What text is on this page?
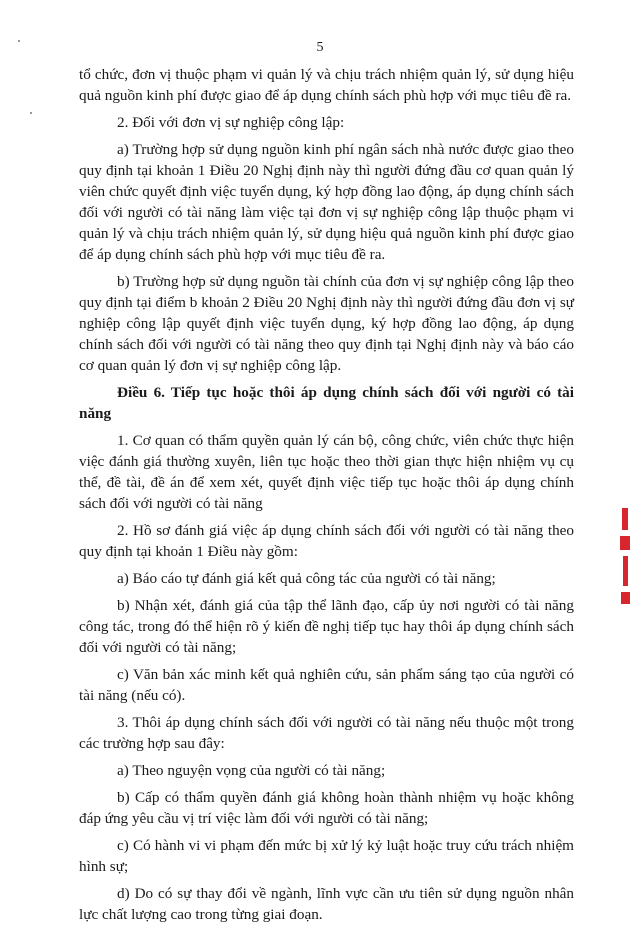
5

tổ chức, đơn vị thuộc phạm vi quản lý và chịu trách nhiệm quản lý, sử dụng hiệu quả nguồn kinh phí được giao để áp dụng chính sách phù hợp với mục tiêu đề ra.

2. Đối với đơn vị sự nghiệp công lập:

a) Trường hợp sử dụng nguồn kinh phí ngân sách nhà nước được giao theo quy định tại khoản 1 Điều 20 Nghị định này thì người đứng đầu cơ quan quản lý viên chức quyết định việc tuyển dụng, ký hợp đồng lao động, áp dụng chính sách đối với người có tài năng làm việc tại đơn vị sự nghiệp công lập thuộc phạm vi quản lý và chịu trách nhiệm quản lý, sử dụng hiệu quả nguồn kinh phí được giao để áp dụng chính sách phù hợp với mục tiêu đề ra.

b) Trường hợp sử dụng nguồn tài chính của đơn vị sự nghiệp công lập theo quy định tại điểm b khoản 2 Điều 20 Nghị định này thì người đứng đầu đơn vị sự nghiệp công lập quyết định việc tuyển dụng, ký hợp đồng lao động, áp dụng chính sách đối với người có tài năng theo quy định tại Nghị định này và báo cáo cơ quan quản lý đơn vị sự nghiệp công lập.

Điều 6. Tiếp tục hoặc thôi áp dụng chính sách đối với người có tài năng

1. Cơ quan có thẩm quyền quản lý cán bộ, công chức, viên chức thực hiện việc đánh giá thường xuyên, liên tục hoặc theo thời gian thực hiện nhiệm vụ cụ thể, đề tài, đề án để xem xét, quyết định việc tiếp tục hoặc thôi áp dụng chính sách đối với người có tài năng

2. Hồ sơ đánh giá việc áp dụng chính sách đối với người có tài năng theo quy định tại khoản 1 Điều này gồm:

a) Báo cáo tự đánh giá kết quả công tác của người có tài năng;

b) Nhận xét, đánh giá của tập thể lãnh đạo, cấp ủy nơi người có tài năng công tác, trong đó thể hiện rõ ý kiến đề nghị tiếp tục hay thôi áp dụng chính sách đối với người có tài năng;

c) Văn bản xác minh kết quả nghiên cứu, sản phẩm sáng tạo của người có tài năng (nếu có).

3. Thôi áp dụng chính sách đối với người có tài năng nếu thuộc một trong các trường hợp sau đây:

a) Theo nguyện vọng của người có tài năng;

b) Cấp có thẩm quyền đánh giá không hoàn thành nhiệm vụ hoặc không đáp ứng yêu cầu vị trí việc làm đối với người có tài năng;

c) Có hành vi vi phạm đến mức bị xử lý kỷ luật hoặc truy cứu trách nhiệm hình sự;

d) Do có sự thay đổi về ngành, lĩnh vực cần ưu tiên sử dụng nguồn nhân lực chất lượng cao trong từng giai đoạn.
